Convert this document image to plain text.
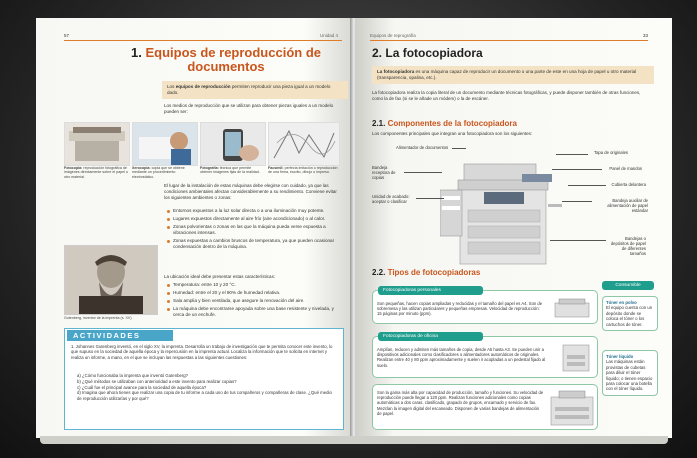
57	Unidad 4
1. Equipos de reproducción de documentos
Los equipos de reproducción permiten reproducir una pieza igual a un modelo dado.
Los medios de reproducción que se utilizan para obtener piezas iguales a un modelo pueden ser:
Fotocopia: reproducción fotográfica de imágenes directamente sobre el papel u otro material.
Xerocopia: copia que se obtiene mediante un procedimiento electrostático.
Fotografía: técnica que permite obtener imágenes fijas de la realidad.
Facsímil: perfecta imitación o reproducción de una firma, escrito, dibujo o impreso.
El lugar de la instalación de estas máquinas debe elegirse con cuidado, ya que las condiciones ambientales afectan considerablemente a su rendimiento. Conviene evitar los siguientes ambientes o zonas:
Entornos expuestos a la luz solar directa o a una iluminación muy potente.
Lugares expuestos directamente al aire frío (aire acondicionado) o al calor.
Zonas polvorientas o zonas en las que la máquina pueda verse expuesta a vibraciones intensas.
Zonas expuestas a cambios bruscos de temperatura, ya que pueden ocasionar condensación dentro de la máquina.
Gutenberg, inventor de la imprenta (s. XV)
La ubicación ideal debe presentar estas características:
Temperatura: entre 10 y 20 °C.
Humedad: entre el 20 y el 90% de humedad relativa.
Sala amplia y bien ventilada, que asegure la renovación del aire.
La máquina debe encontrarse apoyada sobre una base resistente y nivelada, y cerca de un enchufe.
ACTIVIDADES
1. Johannes Gutenberg inventó, en el siglo XV, la imprenta. Desarrolla un trabajo de investigación que te permita conocer este invento, lo que supuso en la sociedad de aquella época y la repercusión en la imprenta actual. Localiza la información que te solicita en internet y realiza un informe, a mano, en el que se incluyan las respuestas a las siguientes cuestiones:
a) ¿Cómo funcionaba la imprenta que inventó Gutenberg?
b) ¿Qué métodos se utilizaban con anterioridad a este invento para realizar copias?
c) ¿Cuál fue el principal avance para la sociedad de aquella época?
d) Imagina que ahora tienes que realizar una copia de tu informe a cada uno de tus compañeros y compañeras de clase. ¿Qué medio de reproducción utilizarías y por qué?
Equipos de reprografía	33
2. La fotocopiadora
La fotocopiadora es una máquina capaz de reproducir un documento o una parte de este en una hoja de papel u otro material (transparencia, opalina, etc.).
La fotocopiadora realiza la copia literal de un documento mediante técnicas fotográficas, y puede disponer también de otras funciones, como la de fax (si se le añade un módem) o la de escáner.
2.1. Componentes de la fotocopiadora
Los componentes principales que integran una fotocopiadora son los siguientes:
Alimentador de documentos
Tapa de originales
Panel de mandos
Bandeja receptora de copias
Cubierta delantera
Bandeja auxiliar de alimentación de papel estándar
Unidad de acabado: aceptar o clasificar
Bandejas o depósitos de papel de diferentes tamaños
2.2. Tipos de fotocopiadoras
Son pequeñas, hacen copias ampliadas y reducidas y el tamaño del papel es A4. Son de sobremesa y las utilizan particulares y pequeñas empresas. Velocidad de reproducción: 15 páginas por minuto (ppm).
Fotocopiadoras personales
Amplían, reducen y admiten más tamaños de copia, desde A5 hasta A3. Se pueden unir a dispositivos adicionales como clasificadores o alimentadores automáticos de originales. Realizan entre 40 y 80 ppm aproximadamente y suelen ir acopladas a un pedestal fijado al suelo.
Fotocopiadoras de oficina
Son la gama más alta por capacidad de producción, tamaño y funciones. Su velocidad de reproducción puede llegar a 120 ppm. Realizan funciones adicionales como copias automáticas a dos caras, clasificado, grapado de grupos, encarnado y servicio de fax. Mezclan la imagen digital del escaneado. Disponen de varias bandejas de alimentación de papel.
Consumible
Tóner en polvo
El equipo cuenta con un depósito donde se coloca el tóner o los cartuchos de tóner.
Tóner líquido
Las máquinas están provistas de cubetas para diluir el tóner líquido; o tienen espacio para colocar una botella con el tóner líquido.
